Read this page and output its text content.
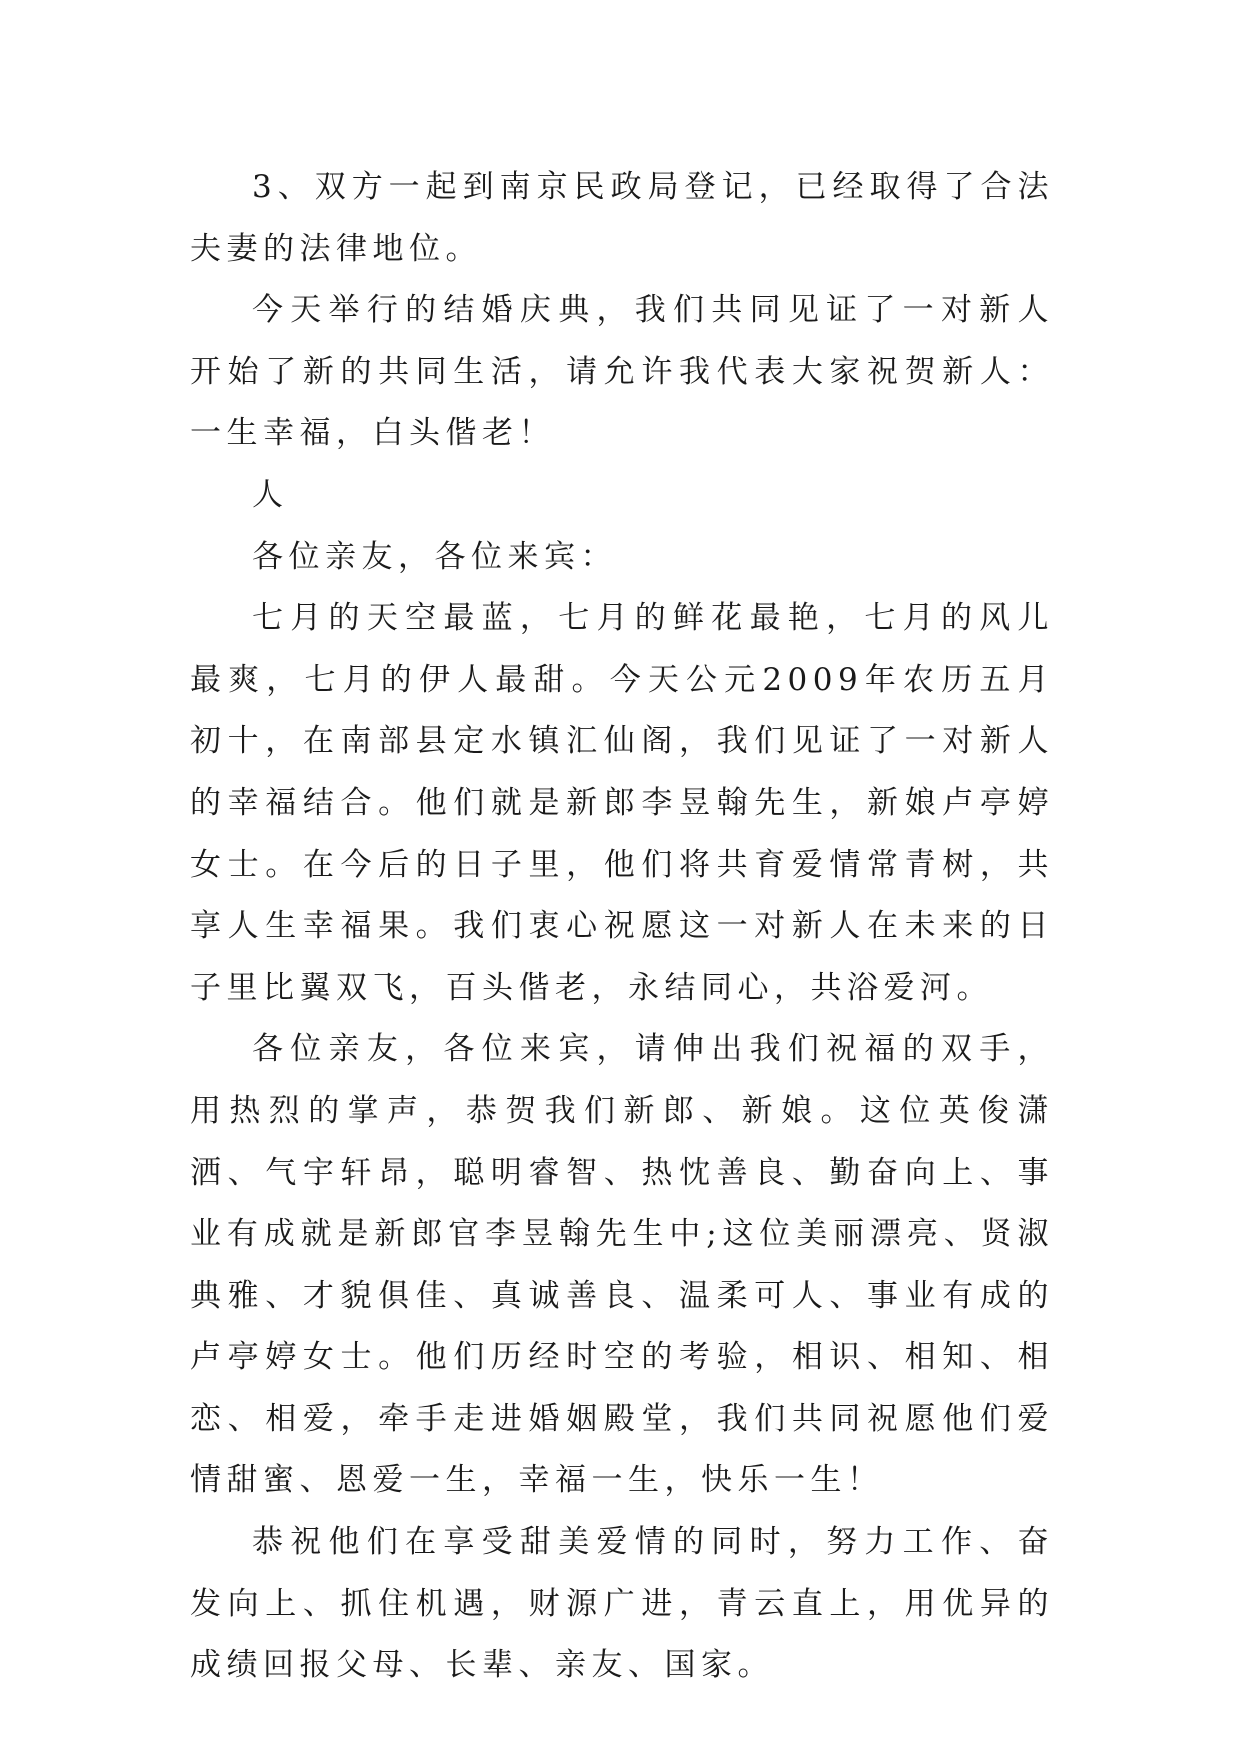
3、双方一起到南京民政局登记，已经取得了合法夫妻的法律地位。

今天举行的结婚庆典，我们共同见证了一对新人开始了新的共同生活，请允许我代表大家祝贺新人：一生幸福，白头偕老！

人

各位亲友，各位来宾：

七月的天空最蓝，七月的鲜花最艳，七月的风儿最爽，七月的伊人最甜。今天公元2009年农历五月初十，在南部县定水镇汇仙阁，我们见证了一对新人的幸福结合。他们就是新郎李昱翰先生，新娘卢亭婷女士。在今后的日子里，他们将共育爱情常青树，共享人生幸福果。我们衷心祝愿这一对新人在未来的日子里比翼双飞，百头偕老，永结同心，共浴爱河。

各位亲友，各位来宾，请伸出我们祝福的双手，用热烈的掌声，恭贺我们新郎、新娘。这位英俊潇洒、气宇轩昂，聪明睿智、热忱善良、勤奋向上、事业有成就是新郎官李昱翰先生中;这位美丽漂亮、贤淑典雅、才貌俱佳、真诚善良、温柔可人、事业有成的卢亭婷女士。他们历经时空的考验，相识、相知、相恋、相爱，牵手走进婚姻殿堂，我们共同祝愿他们爱情甜蜜、恩爱一生，幸福一生，快乐一生！

恭祝他们在享受甜美爱情的同时，努力工作、奋发向上、抓住机遇，财源广进，青云直上，用优异的成绩回报父母、长辈、亲友、国家。
